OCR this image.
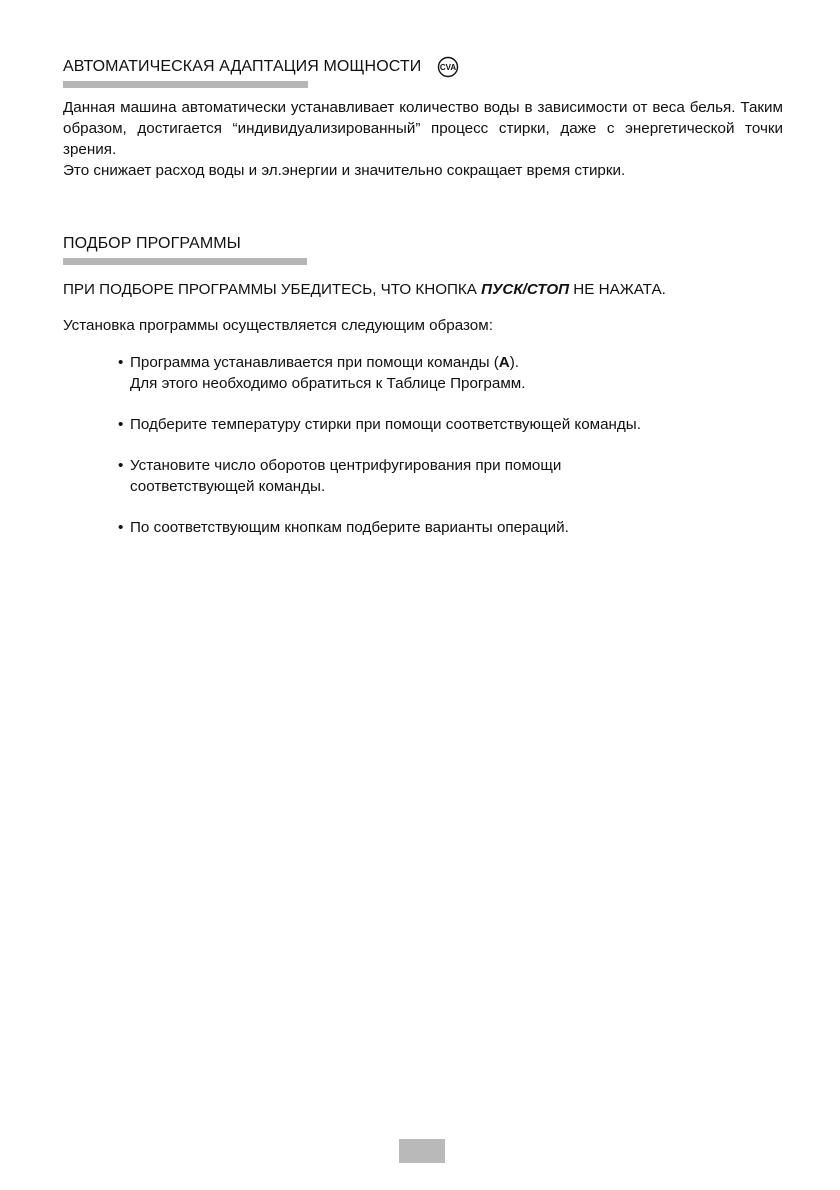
АВТОМАТИЧЕСКАЯ АДАПТАЦИЯ МОЩНОСТИ CVA

Данная машина автоматически устанавливает количество воды в зависимости от веса белья. Таким образом, достигается “индивидуализированный” процесс стирки, даже с энергетической точки зрения.

Это снижает расход воды и эл.энергии и значительно сокращает время стирки.

ПОДБОР ПРОГРАММЫ
ПРИ ПОДБОРЕ ПРОГРАММЫ УБЕДИТЕСЬ, ЧТО КНОПКА ПУСК/СТОП НЕ НАЖАТА.
Установка программы осуществляется следующим образом:
• Программа устанавливается при помощи команды (A).
Для этого необходимо обратиться к Таблице Программ.
• Подберите температуру стирки при помощи соответствующей команды.
• Установите число оборотов центрифугирования при помощи
соответствующей команды.
• По соответствующим кнопкам подберите варианты операций.
